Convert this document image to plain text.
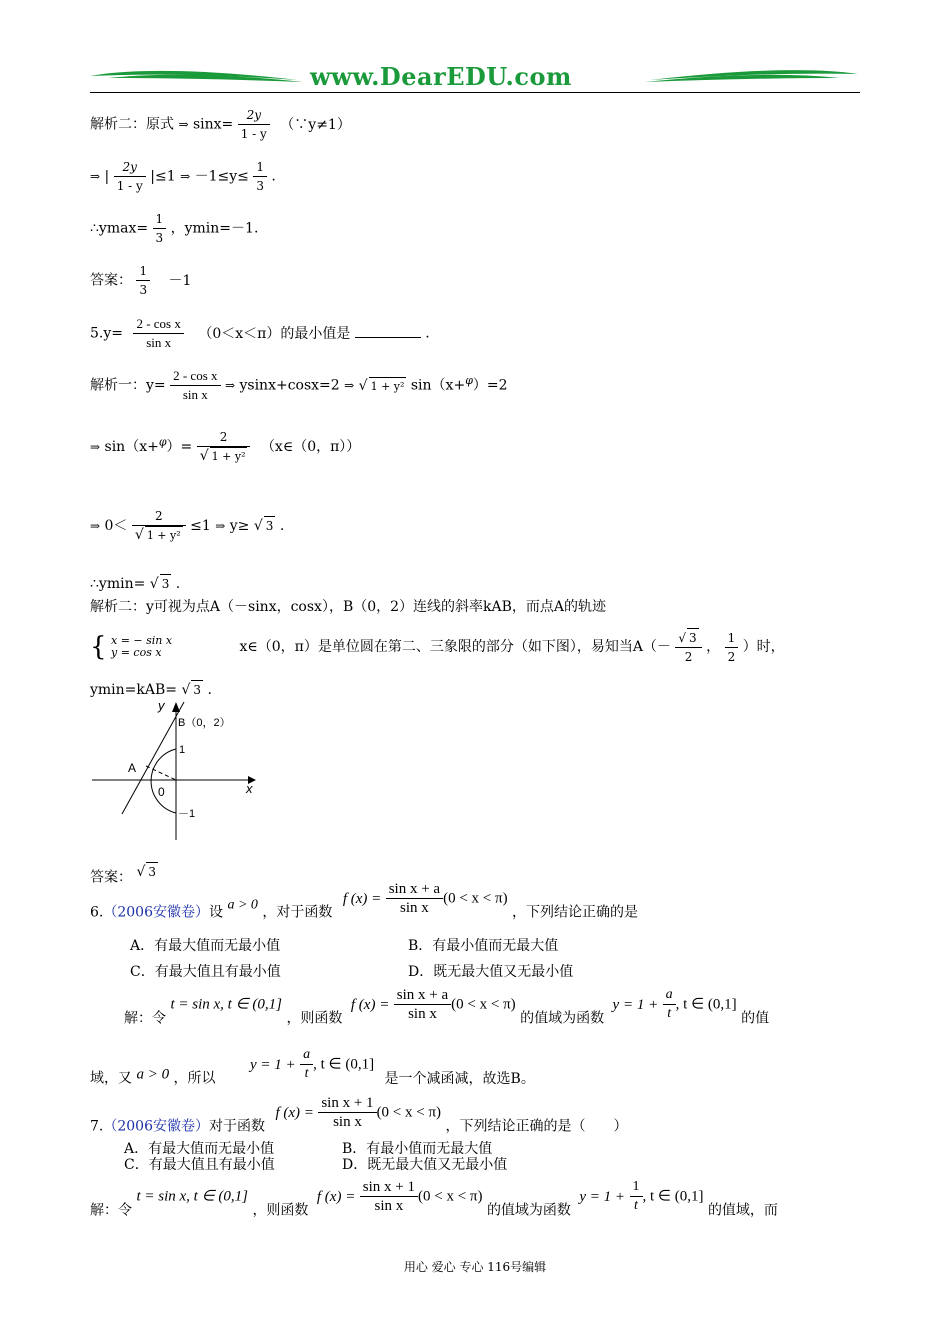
www.DearEDU.com
解析二：原式 ⇒ $\sin x= \frac{2y}{1 - y}$ （∵y≠1）
⇒ | $\frac{2y}{1 - y} |\le 1$ ⇒ $-1\le y\le \frac{1}{3}$ .
∴ymax= $\frac{1}{3}$ ，ymin=－1.
答案： $\frac{1}{3} -1$
$5.y= \frac{\text{2 - cos x}}{\text{sin x}} (0<x<\pi)$的最小值是	.
解析一：$y= \frac{\text{2 - cos x}}{\text{sin x}}$ ⇒ ysinx+cosx=2 ⇒ √ 1 + y² sin（x+$^\varphi$）=2
⇒ $\sin(x+^\varphi)= \frac{2}{\text{√ 1 + y²}}$ （x∈（0，π））
⇒ $0< \frac{2}{\text{√ 1 + y²}} \le 1$ ⇒ y≥ √ 3 .
∴ymin= √ 3 .
解析二：y可视为点A（－sinx，cosx），B（0，2）连线的斜率kAB，而点A的轨迹
{ x = − sin x
y = cos x	x∈（0，π）是单位圆在第二、三象限的部分（如下图），易知当$A(- \frac{√ 3}{2}$ ， $\frac{1}{2}$ ）时，
ymin=kAB= √ 3 .
y
x
B（0，2）
1
－1
A
0
答案： √ 3
6.（2006安徽卷）设 a > 0 ，对于函数 f $(x) = \frac{\text{sin x + a}}{\text{sin x}} (0 < x < \pi)$ ，下列结论正确的是
A．有最大值而无最小值	B．有最小值而无最大值
C．有最大值且有最小值	D．既无最大值又无最小值
解：令 t = sin x, t ∈ (0,1] ，则函数 f $(x) = \frac{\text{sin x + a}}{\text{sin x}} (0 < x < \pi)$ 的值域为函数 $y = 1 + \frac{a}{t}$ , t ∈ (0,1] 的值
域，又 a > 0 ，所以 $y = 1 + \frac{a}{t}$ , t ∈ (0,1] 是一个减函减，故选B。
7.（2006安徽卷）对于函数 f $(x) = \frac{\text{sin x + 1}}{\text{sin x}} (0 < x < \pi)$ ，下列结论正确的是（　　）
A．有最大值而无最小值	B．有最小值而无最大值
C．有最大值且有最小值	D．既无最大值又无最小值
解：令 t = sin x, t ∈ (0,1] ，则函数 f $(x) = \frac{\text{sin x + 1}}{\text{sin x}} (0 < x < \pi)$ 的值域为函数 $y = 1 + \frac{1}{t}$ , t ∈ (0,1] 的值域，而
用心 爱心 专心 116号编辑
